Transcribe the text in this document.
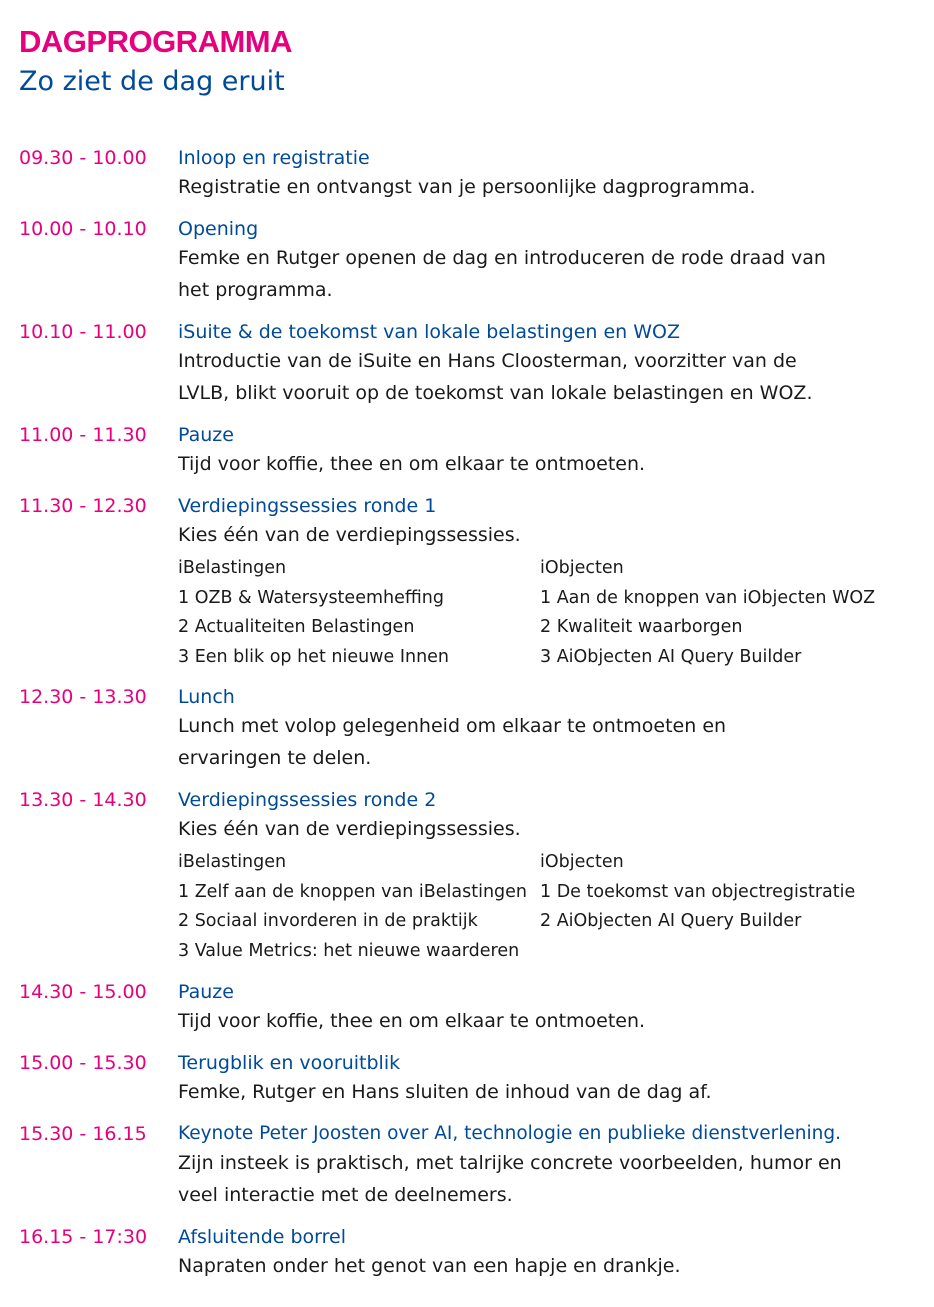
DAGPROGRAMMA
Zo ziet de dag eruit
09.30 - 10.00 Inloop en registratie
Registratie en ontvangst van je persoonlijke dagprogramma.
10.00 - 10.10 Opening
Femke en Rutger openen de dag en introduceren de rode draad van het programma.
10.10 - 11.00 iSuite & de toekomst van lokale belastingen en WOZ
Introductie van de iSuite en Hans Cloosterman, voorzitter van de LVLB, blikt vooruit op de toekomst van lokale belastingen en WOZ.
11.00 - 11.30 Pauze
Tijd voor koffie, thee en om elkaar te ontmoeten.
11.30 - 12.30 Verdiepingssessies ronde 1
Kies één van de verdiepingssessies.
iBelastingen
1 OZB & Watersysteemheffing
2 Actualiteiten Belastingen
3 Een blik op het nieuwe Innen
iObjecten
1 Aan de knoppen van iObjecten WOZ
2 Kwaliteit waarborgen
3 AiObjecten AI Query Builder
12.30 - 13.30 Lunch
Lunch met volop gelegenheid om elkaar te ontmoeten en ervaringen te delen.
13.30 - 14.30 Verdiepingssessies ronde 2
Kies één van de verdiepingssessies.
iBelastingen
1 Zelf aan de knoppen van iBelastingen
2 Sociaal invorderen in de praktijk
3 Value Metrics: het nieuwe waarderen
iObjecten
1 De toekomst van objectregistratie
2 AiObjecten AI Query Builder
14.30 - 15.00 Pauze
Tijd voor koffie, thee en om elkaar te ontmoeten.
15.00 - 15.30 Terugblik en vooruitblik
Femke, Rutger en Hans sluiten de inhoud van de dag af.
15.30 - 16.15 Keynote Peter Joosten over AI, technologie en publieke dienstverlening.
Zijn insteek is praktisch, met talrijke concrete voorbeelden, humor en veel interactie met de deelnemers.
16.15 - 17:30 Afsluitende borrel
Napraten onder het genot van een hapje en drankje.
